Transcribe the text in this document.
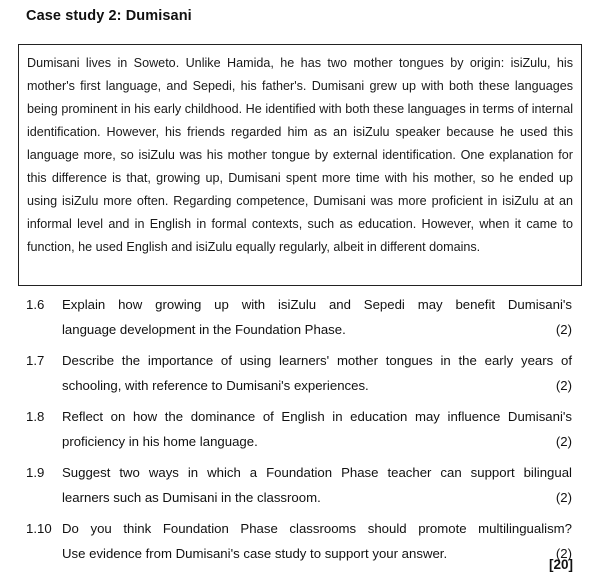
Case study 2: Dumisani

Dumisani lives in Soweto. Unlike Hamida, he has two mother tongues by origin: isiZulu, his mother's first language, and Sepedi, his father's. Dumisani grew up with both these languages being prominent in his early childhood. He identified with both these languages in terms of internal identification. However, his friends regarded him as an isiZulu speaker because he used this language more, so isiZulu was his mother tongue by external identification. One explanation for this difference is that, growing up, Dumisani spent more time with his mother, so he ended up using isiZulu more often. Regarding competence, Dumisani was more proficient in isiZulu at an informal level and in English in formal contexts, such as education. However, when it came to function, he used English and isiZulu equally regularly, albeit in different domains.

1.6	Explain how growing up with isiZulu and Sepedi may benefit Dumisani's
language development in the Foundation Phase.	(2)
1.7	Describe the importance of using learners' mother tongues in the early years of
schooling, with reference to Dumisani's experiences.	(2)
1.8	Reflect on how the dominance of English in education may influence Dumisani's
proficiency in his home language.	(2)
1.9	Suggest two ways in which a Foundation Phase teacher can support bilingual
learners such as Dumisani in the classroom.	(2)
1.10 Do you think Foundation Phase classrooms should promote multilingualism?
Use evidence from Dumisani's case study to support your answer.	(2)
[20]
